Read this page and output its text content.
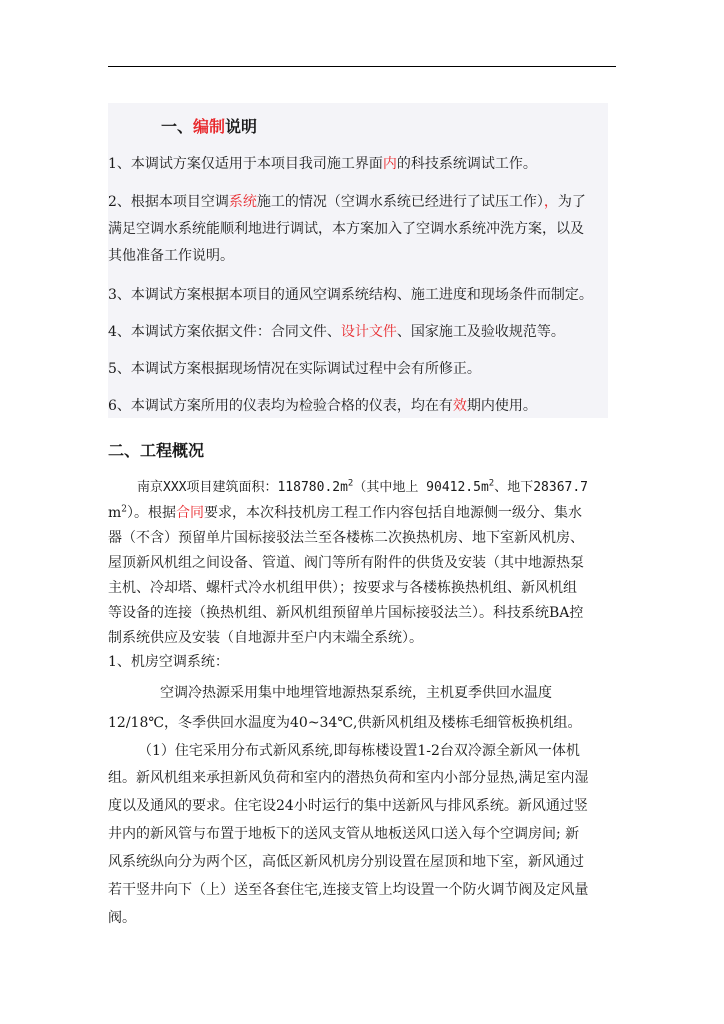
一、编制说明
1、本调试方案仅适用于本项目我司施工界面内的科技系统调试工作。
2、根据本项目空调系统施工的情况（空调水系统已经进行了试压工作），为了
满足空调水系统能顺利地进行调试，本方案加入了空调水系统冲洗方案，以及
其他准备工作说明。
3、本调试方案根据本项目的通风空调系统结构、施工进度和现场条件而制定。
4、本调试方案依据文件：合同文件、设计文件、国家施工及验收规范等。
5、本调试方案根据现场情况在实际调试过程中会有所修正。
6、本调试方案所用的仪表均为检验合格的仪表，均在有效期内使用。
二、工程概况
南京XXX项目建筑面积：$118780.2m^2$（其中地上 $90412.5m^2$、地下28367.7
$m^2$）。根据合同要求，本次科技机房工程工作内容包括自地源侧一级分、集水
器（不含）预留单片国标接驳法兰至各楼栋二次换热机房、地下室新风机房、
屋顶新风机组之间设备、管道、阀门等所有附件的供货及安装（其中地源热泵
主机、冷却塔、螺杆式冷水机组甲供）；按要求与各楼栋换热机组、新风机组
等设备的连接（换热机组、新风机组预留单片国标接驳法兰）。科技系统BA控
制系统供应及安装（自地源井至户内末端全系统）。
1、机房空调系统：
空调冷热源采用集中地埋管地源热泵系统，主机夏季供回水温度
12/18℃，冬季供回水温度为40~34℃,供新风机组及楼栋毛细管板换机组。
（1）住宅采用分布式新风系统,即每栋楼设置1-2台双冷源全新风一体机
组。新风机组来承担新风负荷和室内的潜热负荷和室内小部分显热,满足室内湿
度以及通风的要求。住宅设24小时运行的集中送新风与排风系统。新风通过竖
井内的新风管与布置于地板下的送风支管从地板送风口送入每个空调房间; 新
风系统纵向分为两个区，高低区新风机房分别设置在屋顶和地下室，新风通过
若干竖井向下（上）送至各套住宅,连接支管上均设置一个防火调节阀及定风量
阀。
